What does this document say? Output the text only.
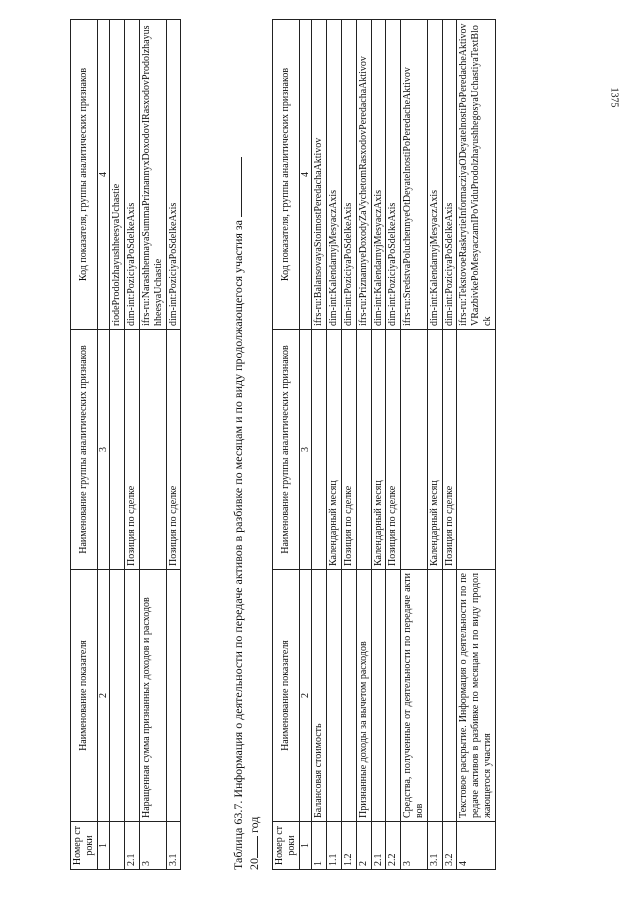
1375
Номер строки	Наименование показателя	Наименование группы аналитических признаков	Код показателя, группы аналитических признаков
1	2	3	4
			riodeProdolzhayushheesyaUchastie
2.1		Позиция по сделке	dim-int:PoziciyaPoSdelkeAxis
3	Наращенная сумма признанных доходов и расходов		ifrs-ru:NarashhennayaSummaPriznannyxDoxodovIRasxodovProdolzhayushheesyaUchastie
3.1		Позиция по сделке	dim-int:PoziciyaPoSdelkeAxis	Таблица 63.7. Информация о деятельности по передаче активов в разбивке по месяцам и по виду продолжающегося участия за 20 год
Номер строки	Наименование показателя	Наименование группы аналитических признаков	Код показателя, группы аналитических признаков
1	2	3	4
1	Балансовая стоимость		ifrs-ru:BalansovayaStoimostPeredachaAktivov
1.1		Календарный месяц	dim-int:KalendarnyjMesyaczAxis
1.2		Позиция по сделке	dim-int:PoziciyaPoSdelkeAxis
2	Признанные доходы за вычетом расходов		ifrs-ru:PriznannyeDoxodyZaVychetomRasxodovPeredachaAktivov
2.1		Календарный месяц	dim-int:KalendarnyjMesyaczAxis
2.2		Позиция по сделке	dim-int:PoziciyaPoSdelkeAxis
3	Средства, полученные от деятельности по передаче активов		ifrs-ru:SredstvaPoluchennyeOtDeyatelnostiPoPeredacheAktivov
3.1		Календарный месяц	dim-int:KalendarnyjMesyaczAxis
3.2		Позиция по сделке	dim-int:PoziciyaPoSdelkeAxis
4	Текстовое раскрытие. Информация о деятельности по передаче активов в разбивке по месяцам и по виду продолжающегося участия		ifrs-ru:TekstovoeRaskrytieInformacziyaODeyatelnostiPoPeredacheAktivovVRazbivkePoMesyaczamIPoViduProdolzhayushhegosyaUchastiyaTextBlock
